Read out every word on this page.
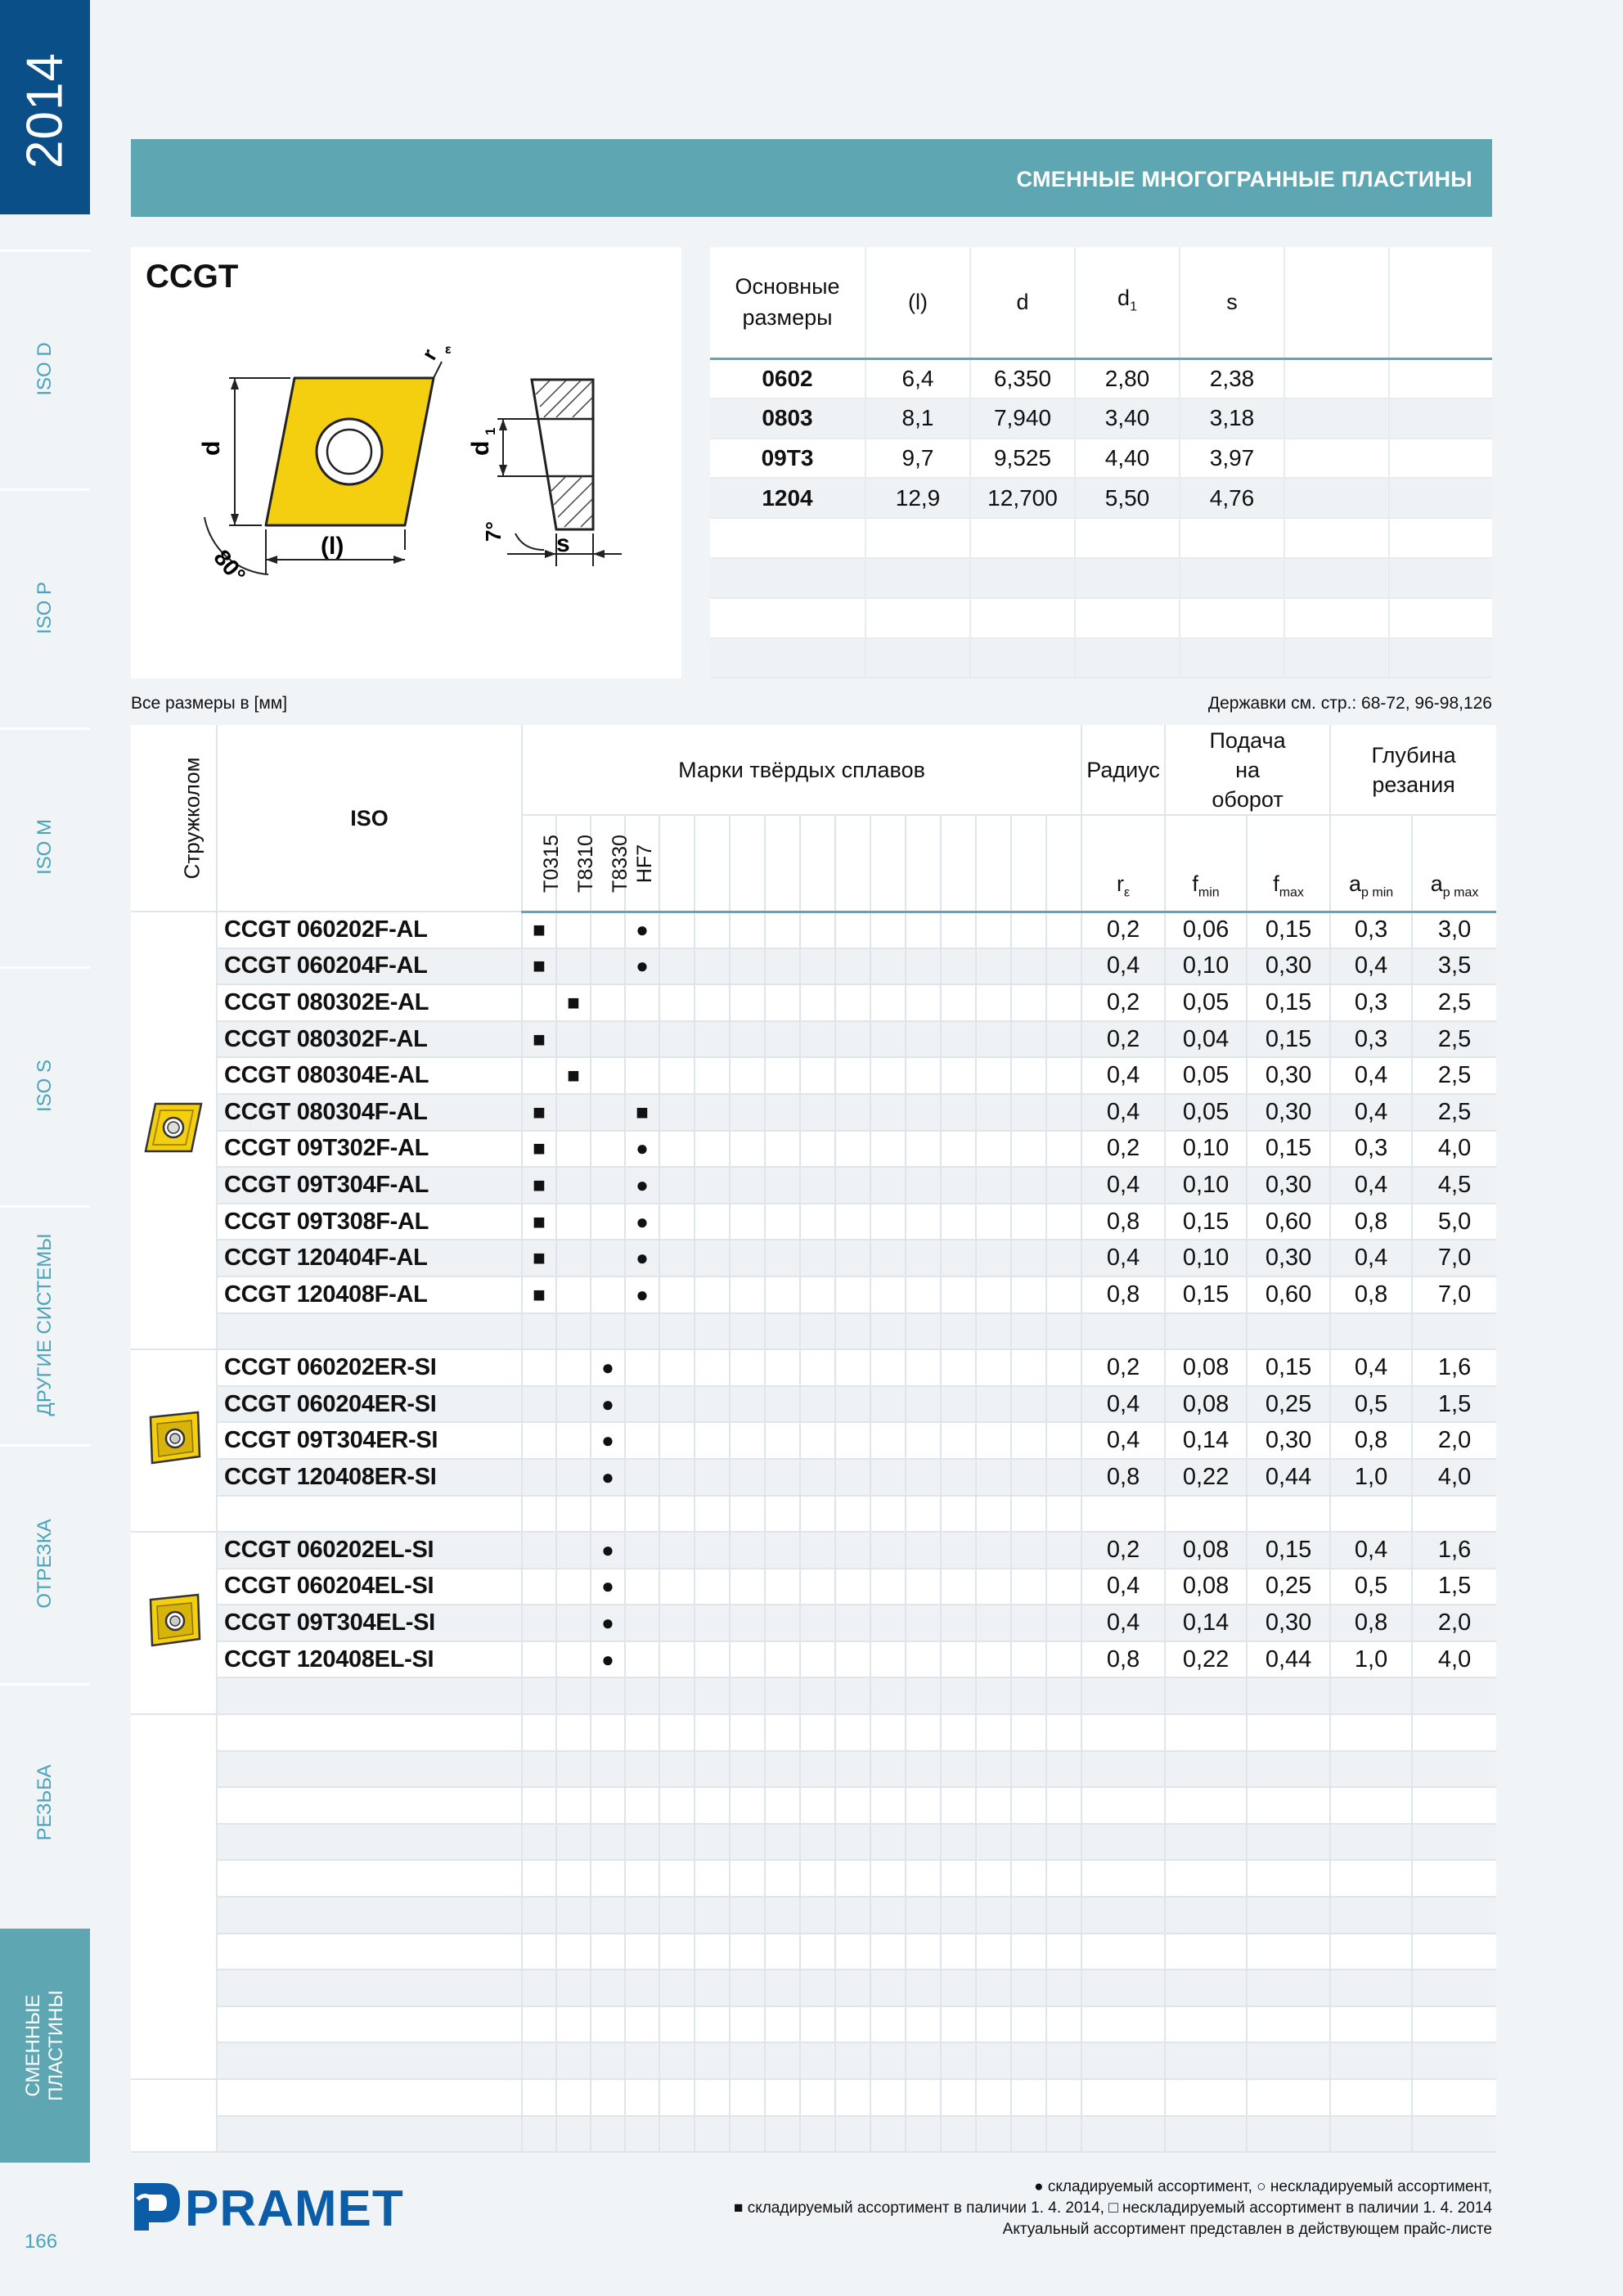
2014
ISO D
ISO P
ISO M
ISO S
ДРУГИЕ СИСТЕМЫ
ОТРЕЗКА
РЕЗЬБА
СМЕННЫЕ ПЛАСТИНЫ
166
СМЕННЫЕ МНОГОГРАННЫЕ ПЛАСТИНЫ
CCGT
d
(l)
80°
r ε
d
1
7° s
Основные размеры	(l)	d	$d_1$	s		
0602	6,4	6,350	2,80	2,38		
0803	8,1	7,940	3,40	3,18		
09T3	9,7	9,525	4,40	3,97		
1204	12,9	12,700	5,50	4,76		

Все размеры в [мм]	Державки см. стр.: 68-72, 96-98,126
Стружколом	ISO	Марки твёрдых сплавов																Радиус	Подача на оборот		Глубина резания	
		T0315	T8310	T8330	HF7													$r_\varepsilon$	$f_{min}$	$f_{max}$	$a_{p min}$	$a_{p max}$
	CCGT 060202F-AL	■			●													0,2	0,06	0,15	0,3	3,0
	CCGT 060204F-AL	■			●													0,4	0,10	0,30	0,4	3,5
	CCGT 080302E-AL		■															0,2	0,05	0,15	0,3	2,5
	CCGT 080302F-AL	■																0,2	0,04	0,15	0,3	2,5
	CCGT 080304E-AL		■															0,4	0,05	0,30	0,4	2,5
	CCGT 080304F-AL	■			■													0,4	0,05	0,30	0,4	2,5
	CCGT 09T302F-AL	■			●													0,2	0,10	0,15	0,3	4,0
	CCGT 09T304F-AL	■			●													0,4	0,10	0,30	0,4	4,5
	CCGT 09T308F-AL	■			●													0,8	0,15	0,60	0,8	5,0
	CCGT 120404F-AL	■			●													0,4	0,10	0,30	0,4	7,0
	CCGT 120408F-AL	■			●													0,8	0,15	0,60	0,8	7,0

	CCGT 060202ER-SI			●														0,2	0,08	0,15	0,4	1,6
	CCGT 060204ER-SI			●														0,4	0,08	0,25	0,5	1,5
	CCGT 09T304ER-SI			●														0,4	0,14	0,30	0,8	2,0
	CCGT 120408ER-SI			●														0,8	0,22	0,44	1,0	4,0

	CCGT 060202EL-SI			●														0,2	0,08	0,15	0,4	1,6
	CCGT 060204EL-SI			●														0,4	0,08	0,25	0,5	1,5
	CCGT 09T304EL-SI			●														0,4	0,14	0,30	0,8	2,0
	CCGT 120408EL-SI			●														0,8	0,22	0,44	1,0	4,0

PRAMET	● складируемый ассортимент, ○ нескладируемый ассортимент,
■ складируемый ассортимент в паличии 1. 4. 2014, □ нескладируемый ассортимент в паличии 1. 4. 2014
Актуальный ассортимент представлен в действующем прайс-листе
